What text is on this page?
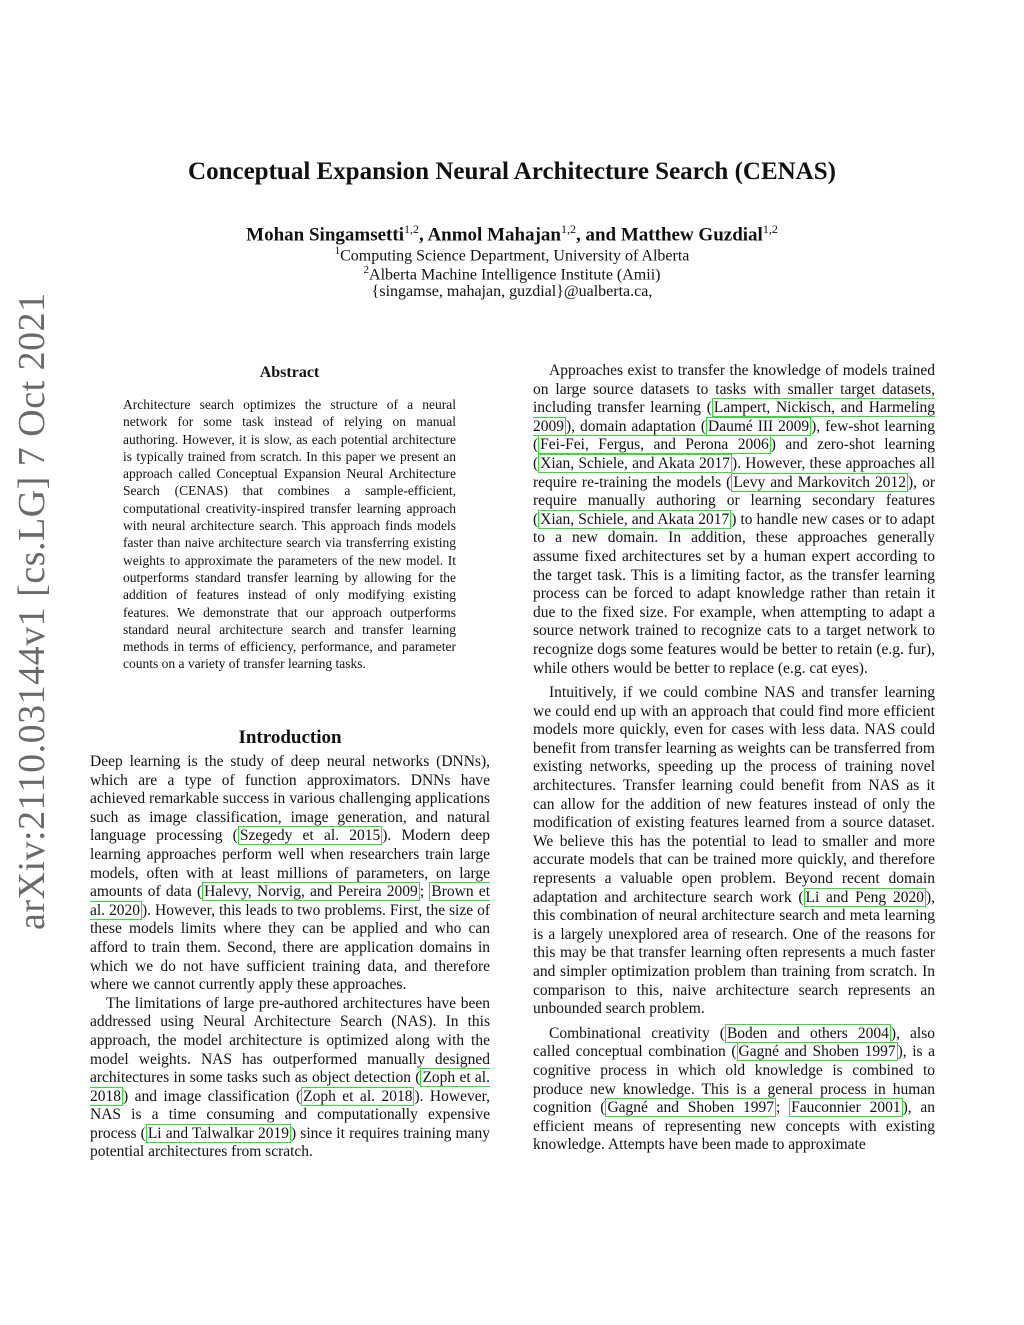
arXiv:2110.03144v1 [cs.LG] 7 Oct 2021
Conceptual Expansion Neural Architecture Search (CENAS)
Mohan Singamsetti$^{1,2}$, Anmol Mahajan$^{1,2}$, and Matthew Guzdial$^{1,2}$
$^1$Computing Science Department, University of Alberta
$^2$Alberta Machine Intelligence Institute (Amii)
{singamse, mahajan, guzdial}@ualberta.ca,
Abstract
Architecture search optimizes the structure of a neural network for some task instead of relying on manual authoring. However, it is slow, as each potential architecture is typically trained from scratch. In this paper we present an approach called Conceptual Expansion Neural Architecture Search (CENAS) that combines a sample-efficient, computational creativity-inspired transfer learning approach with neural architecture search. This approach finds models faster than naive architecture search via transferring existing weights to approximate the parameters of the new model. It outperforms standard transfer learning by allowing for the addition of features instead of only modifying existing features. We demonstrate that our approach outperforms standard neural architecture search and transfer learning methods in terms of efficiency, performance, and parameter counts on a variety of transfer learning tasks.
Introduction

Deep learning is the study of deep neural networks (DNNs), which are a type of function approximators. DNNs have achieved remarkable success in various challenging applications such as image classification, image generation, and natural language processing ( Szegedy et al. 2015 ). Modern deep learning approaches perform well when researchers train large models, often with at least millions of parameters, on large amounts of data ( Halevy, Norvig, and Pereira 2009 ; Brown et al. 2020 ). However, this leads to two problems. First, the size of these models limits where they can be applied and who can afford to train them. Second, there are application domains in which we do not have sufficient training data, and therefore where we cannot currently apply these approaches.

The limitations of large pre-authored architectures have been addressed using Neural Architecture Search (NAS). In this approach, the model architecture is optimized along with the model weights. NAS has outperformed manually designed architectures in some tasks such as object detection ( Zoph et al. 2018 ) and image classification ( Zoph et al. 2018 ). However, NAS is a time consuming and computationally expensive process ( Li and Talwalkar 2019 ) since it requires training many potential architectures from scratch.

Approaches exist to transfer the knowledge of models trained on large source datasets to tasks with smaller target datasets, including transfer learning ( Lampert, Nickisch, and Harmeling 2009 ), domain adaptation ( Daumé III 2009 ), few-shot learning ( Fei-Fei, Fergus, and Perona 2006 ) and zero-shot learning ( Xian, Schiele, and Akata 2017 ). However, these approaches all require re-training the models ( Levy and Markovitch 2012 ), or require manually authoring or learning secondary features ( Xian, Schiele, and Akata 2017 ) to handle new cases or to adapt to a new domain. In addition, these approaches generally assume fixed architectures set by a human expert according to the target task. This is a limiting factor, as the transfer learning process can be forced to adapt knowledge rather than retain it due to the fixed size. For example, when attempting to adapt a source network trained to recognize cats to a target network to recognize dogs some features would be better to retain (e.g. fur), while others would be better to replace (e.g. cat eyes).

Intuitively, if we could combine NAS and transfer learning we could end up with an approach that could find more efficient models more quickly, even for cases with less data. NAS could benefit from transfer learning as weights can be transferred from existing networks, speeding up the process of training novel architectures. Transfer learning could benefit from NAS as it can allow for the addition of new features instead of only the modification of existing features learned from a source dataset. We believe this has the potential to lead to smaller and more accurate models that can be trained more quickly, and therefore represents a valuable open problem. Beyond recent domain adaptation and architecture search work ( Li and Peng 2020 ), this combination of neural architecture search and meta learning is a largely unexplored area of research. One of the reasons for this may be that transfer learning often represents a much faster and simpler optimization problem than training from scratch. In comparison to this, naive architecture search represents an unbounded search problem.

Combinational creativity ( Boden and others 2004 ), also called conceptual combination ( Gagné and Shoben 1997 ), is a cognitive process in which old knowledge is combined to produce new knowledge. This is a general process in human cognition ( Gagné and Shoben 1997 ; Fauconnier 2001 ), an efficient means of representing new concepts with existing knowledge. Attempts have been made to approximate
